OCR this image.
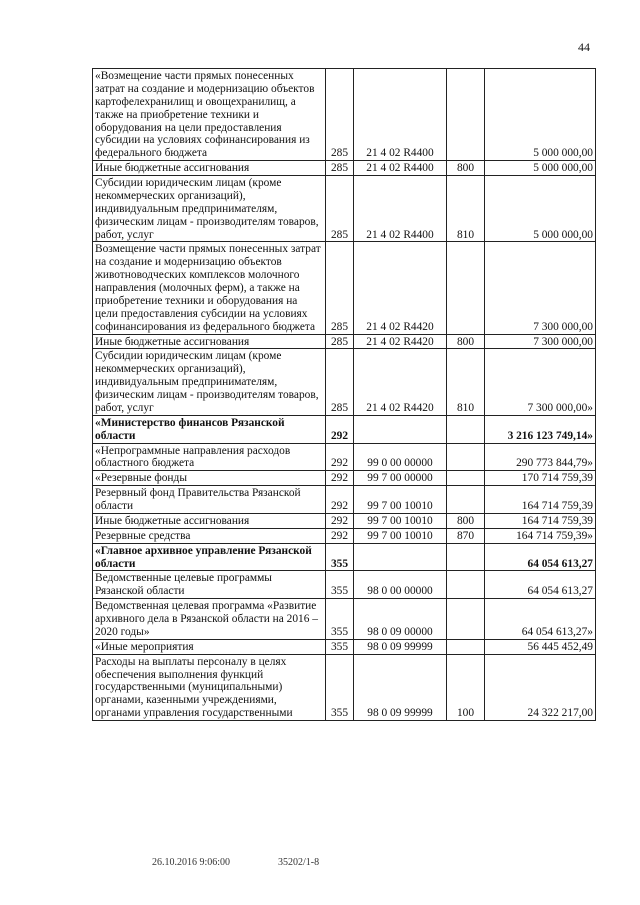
44
«Возмещение части прямых понесенных затрат на создание и модернизацию объектов картофелехранилищ и овощехранилищ, а также на приобретение техники и оборудования на цели предоставления субсидии на условиях софинансирования из федерального бюджета	285	21 4 02 R4400		5 000 000,00
Иные бюджетные ассигнования	285	21 4 02 R4400	800	5 000 000,00
Субсидии юридическим лицам (кроме некоммерческих организаций), индивидуальным предпринимателям, физическим лицам - производителям товаров, работ, услуг	285	21 4 02 R4400	810	5 000 000,00
Возмещение части прямых понесенных затрат на создание и модернизацию объектов животноводческих комплексов молочного направления (молочных ферм), а также на приобретение техники и оборудования на цели предоставления субсидии на условиях софинансирования из федерального бюджета	285	21 4 02 R4420		7 300 000,00
Иные бюджетные ассигнования	285	21 4 02 R4420	800	7 300 000,00
Субсидии юридическим лицам (кроме некоммерческих организаций), индивидуальным предпринимателям, физическим лицам - производителям товаров, работ, услуг	285	21 4 02 R4420	810	7 300 000,00»
«Министерство финансов Рязанской области	292			3 216 123 749,14»
«Непрограммные направления расходов областного бюджета	292	99 0 00 00000		290 773 844,79»
«Резервные фонды	292	99 7 00 00000		170 714 759,39
Резервный фонд Правительства Рязанской области	292	99 7 00 10010		164 714 759,39
Иные бюджетные ассигнования	292	99 7 00 10010	800	164 714 759,39
Резервные средства	292	99 7 00 10010	870	164 714 759,39»
«Главное архивное управление Рязанской области	355			64 054 613,27
Ведомственные целевые программы Рязанской области	355	98 0 00 00000		64 054 613,27
Ведомственная целевая программа «Развитие архивного дела в Рязанской области на 2016 – 2020 годы»	355	98 0 09 00000		64 054 613,27»
«Иные мероприятия	355	98 0 09 99999		56 445 452,49
Расходы на выплаты персоналу в целях обеспечения выполнения функций государственными (муниципальными) органами, казенными учреждениями, органами управления государственными	355	98 0 09 99999	100	24 322 217,00
26.10.2016 9:06:00	35202/1-8
